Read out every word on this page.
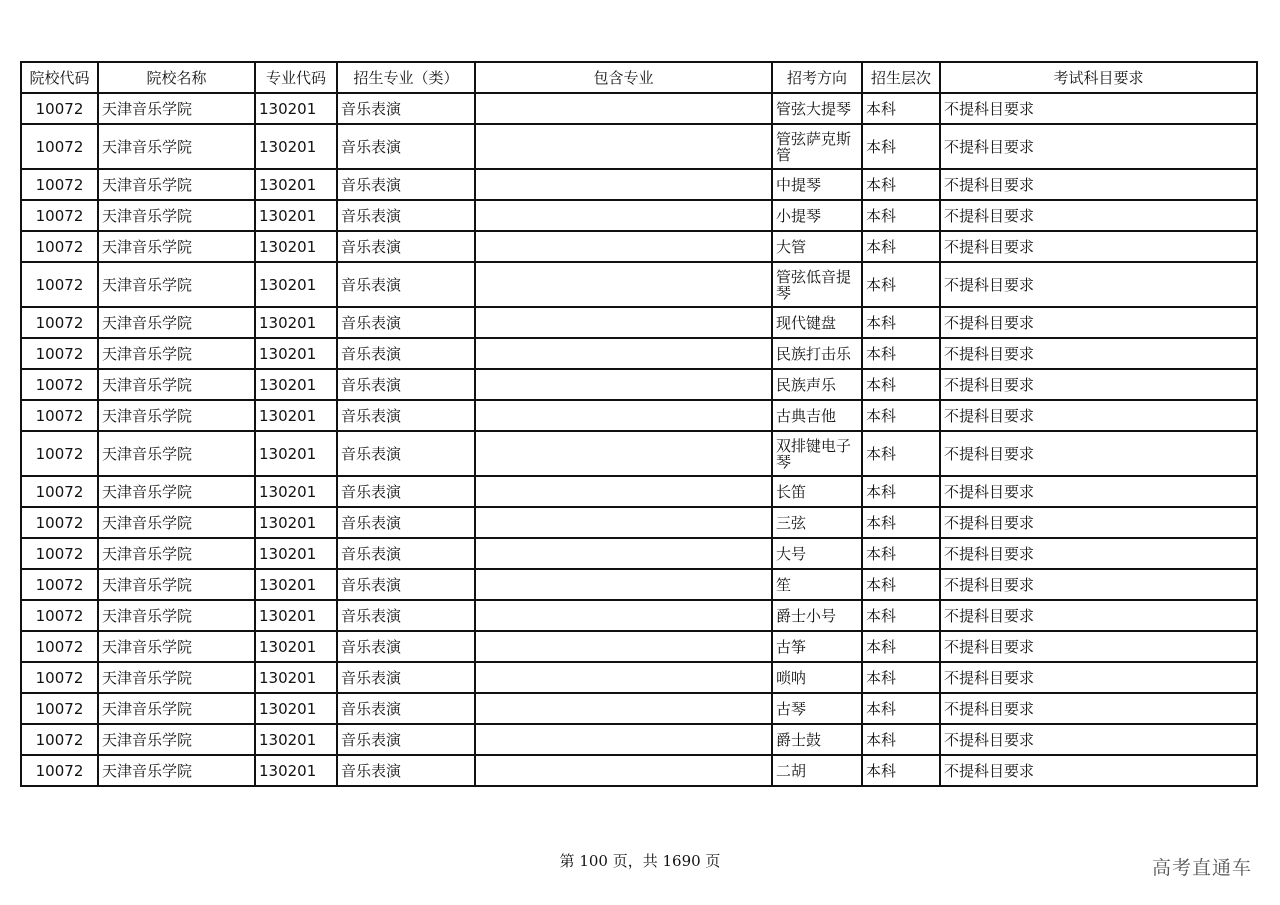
院校代码	院校名称	专业代码	招生专业（类）	包含专业	招考方向	招生层次	考试科目要求
10072	天津音乐学院	130201	音乐表演		管弦大提琴	本科	不提科目要求
10072	天津音乐学院	130201	音乐表演		管弦萨克斯管	本科	不提科目要求
10072	天津音乐学院	130201	音乐表演		中提琴	本科	不提科目要求
10072	天津音乐学院	130201	音乐表演		小提琴	本科	不提科目要求
10072	天津音乐学院	130201	音乐表演		大管	本科	不提科目要求
10072	天津音乐学院	130201	音乐表演		管弦低音提琴	本科	不提科目要求
10072	天津音乐学院	130201	音乐表演		现代键盘	本科	不提科目要求
10072	天津音乐学院	130201	音乐表演		民族打击乐	本科	不提科目要求
10072	天津音乐学院	130201	音乐表演		民族声乐	本科	不提科目要求
10072	天津音乐学院	130201	音乐表演		古典吉他	本科	不提科目要求
10072	天津音乐学院	130201	音乐表演		双排键电子琴	本科	不提科目要求
10072	天津音乐学院	130201	音乐表演		长笛	本科	不提科目要求
10072	天津音乐学院	130201	音乐表演		三弦	本科	不提科目要求
10072	天津音乐学院	130201	音乐表演		大号	本科	不提科目要求
10072	天津音乐学院	130201	音乐表演		笙	本科	不提科目要求
10072	天津音乐学院	130201	音乐表演		爵士小号	本科	不提科目要求
10072	天津音乐学院	130201	音乐表演		古筝	本科	不提科目要求
10072	天津音乐学院	130201	音乐表演		唢呐	本科	不提科目要求
10072	天津音乐学院	130201	音乐表演		古琴	本科	不提科目要求
10072	天津音乐学院	130201	音乐表演		爵士鼓	本科	不提科目要求
10072	天津音乐学院	130201	音乐表演		二胡	本科	不提科目要求
第 100 页，共 1690 页	高考直通车
